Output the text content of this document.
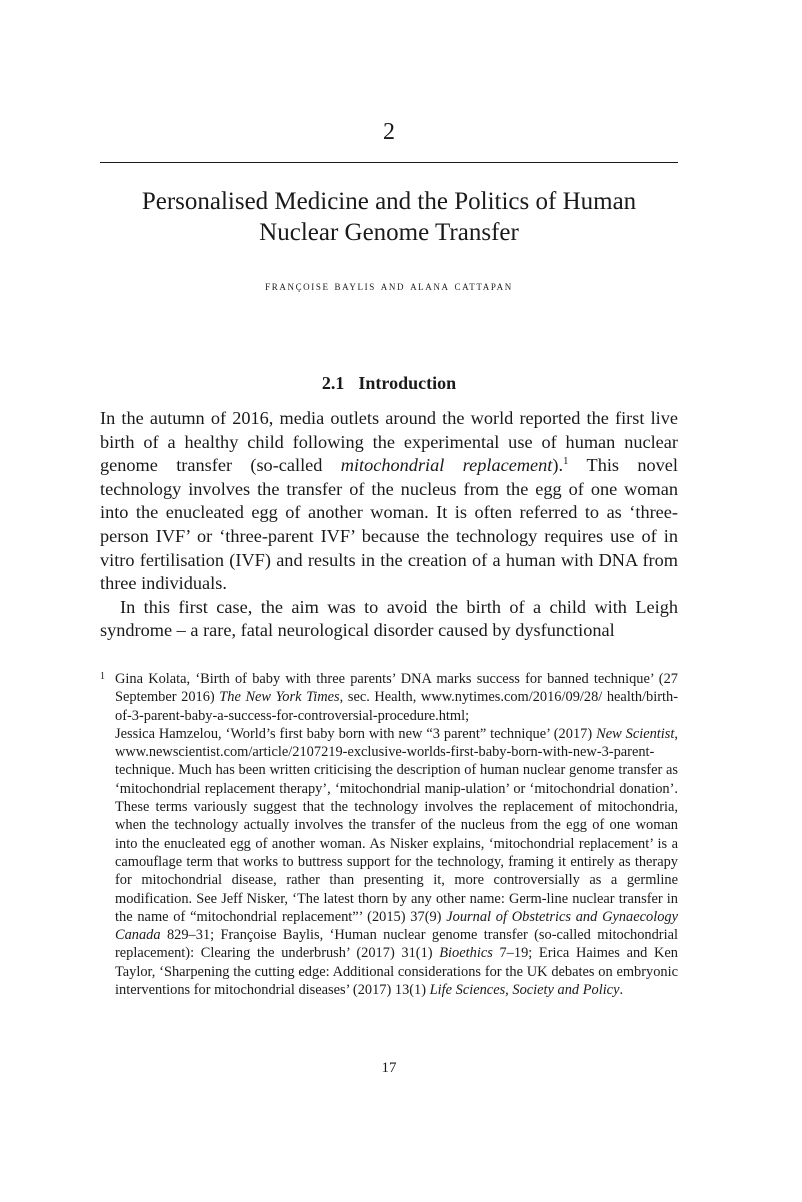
2
Personalised Medicine and the Politics of Human
Nuclear Genome Transfer
françoise baylis and alana cattapan
2.1 Introduction

In the autumn of 2016, media outlets around the world reported the first live birth of a healthy child following the experimental use of human nuclear genome transfer (so-called mitochondrial replacement).$^1$ This novel technology involves the transfer of the nucleus from the egg of one woman into the enucleated egg of another woman. It is often referred to as ‘three-person IVF’ or ‘three-parent IVF’ because the technology requires use of in vitro fertilisation (IVF) and results in the creation of a human with DNA from three individuals.

In this first case, the aim was to avoid the birth of a child with Leigh syndrome – a rare, fatal neurological disorder caused by dysfunctional

1 Gina Kolata, ‘Birth of baby with three parents’ DNA marks success for banned technique’ (27 September 2016) The New York Times, sec. Health, www.nytimes.com/2016/09/28/ health/birth-of-3-parent-baby-a-success-for-controversial-procedure.html;

Jessica Hamzelou, ‘World’s first baby born with new “3 parent” technique’ (2017) New Scientist, www.newscientist.com/article/2107219-exclusive-worlds-first-baby-born-with-new-3-parent-technique. Much has been written criticising the description of human nuclear genome transfer as ‘mitochondrial replacement therapy’, ‘mitochondrial manip-ulation’ or ‘mitochondrial donation’. These terms variously suggest that the technology involves the replacement of mitochondria, when the technology actually involves the transfer of the nucleus from the egg of one woman into the enucleated egg of another woman. As Nisker explains, ‘mitochondrial replacement’ is a camouflage term that works to buttress support for the technology, framing it entirely as therapy for mitochondrial disease, rather than presenting it, more controversially as a germline modification. See Jeff Nisker, ‘The latest thorn by any other name: Germ-line nuclear transfer in the name of “mitochondrial replacement”’ (2015) 37(9) Journal of Obstetrics and Gynaecology Canada 829–31; Françoise Baylis, ‘Human nuclear genome transfer (so-called mitochondrial replacement): Clearing the underbrush’ (2017) 31(1) Bioethics 7–19; Erica Haimes and Ken Taylor, ‘Sharpening the cutting edge: Additional considerations for the UK debates on embryonic interventions for mitochondrial diseases’ (2017) 13(1) Life Sciences, Society and Policy.

17
